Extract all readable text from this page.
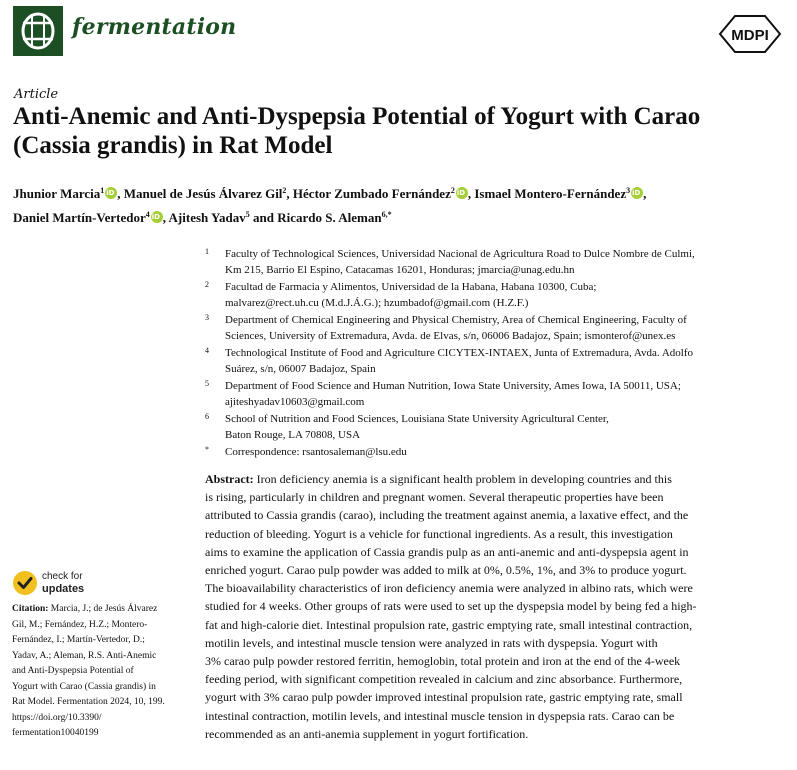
fermentation	MDPI
Article
Anti-Anemic and Anti-Dyspepsia Potential of Yogurt with Carao
(Cassia grandis) in Rat Model
Jhunior Marcia$^1$ iD , Manuel de Jesús Álvarez Gil$^2$, Héctor Zumbado Fernández$^2$ iD , Ismael Montero-Fernández$^3$ iD ,
Daniel Martín-Vertedor$^4$ iD , Ajitesh Yadav$^5$ and Ricardo S. Aleman$^{6,*}$
1 Faculty of Technological Sciences, Universidad Nacional de Agricultura Road to Dulce Nombre de Culmi,
Km 215, Barrio El Espino, Catacamas 16201, Honduras; jmarcia@unag.edu.hn
2 Facultad de Farmacia y Alimentos, Universidad de la Habana, Habana 10300, Cuba;
malvarez@rect.uh.cu (M.d.J.Á.G.); hzumbadof@gmail.com (H.Z.F.)
3 Department of Chemical Engineering and Physical Chemistry, Area of Chemical Engineering, Faculty of
Sciences, University of Extremadura, Avda. de Elvas, s/n, 06006 Badajoz, Spain; ismonterof@unex.es
4 Technological Institute of Food and Agriculture CICYTEX-INTAEX, Junta of Extremadura, Avda. Adolfo
Suárez, s/n, 06007 Badajoz, Spain
5 Department of Food Science and Human Nutrition, Iowa State University, Ames Iowa, IA 50011, USA;
ajiteshyadav10603@gmail.com
6 School of Nutrition and Food Sciences, Louisiana State University Agricultural Center,
Baton Rouge, LA 70808, USA
* Correspondence: rsantosaleman@lsu.edu
Abstract: Iron deficiency anemia is a significant health problem in developing countries and this
is rising, particularly in children and pregnant women. Several therapeutic properties have been
attributed to Cassia grandis (carao), including the treatment against anemia, a laxative effect, and the
reduction of bleeding. Yogurt is a vehicle for functional ingredients. As a result, this investigation
aims to examine the application of Cassia grandis pulp as an anti-anemic and anti-dyspepsia agent in
enriched yogurt. Carao pulp powder was added to milk at 0%, 0.5%, 1%, and 3% to produce yogurt.
The bioavailability characteristics of iron deficiency anemia were analyzed in albino rats, which were
studied for 4 weeks. Other groups of rats were used to set up the dyspepsia model by being fed a high-
fat and high-calorie diet. Intestinal propulsion rate, gastric emptying rate, small intestinal contraction,
motilin levels, and intestinal muscle tension were analyzed in rats with dyspepsia. Yogurt with
3% carao pulp powder restored ferritin, hemoglobin, total protein and iron at the end of the 4-week
feeding period, with significant competition revealed in calcium and zinc absorbance. Furthermore,
yogurt with 3% carao pulp powder improved intestinal propulsion rate, gastric emptying rate, small
intestinal contraction, motilin levels, and intestinal muscle tension in dyspepsia rats. Carao can be
recommended as an anti-anemia supplement in yogurt fortification.
check for
updates
Citation: Marcia, J.; de Jesús Álvarez
Gil, M.; Fernández, H.Z.; Montero-
Fernández, I.; Martín-Vertedor, D.;
Yadav, A.; Aleman, R.S. Anti-Anemic
and Anti-Dyspepsia Potential of
Yogurt with Carao (Cassia grandis) in
Rat Model. Fermentation 2024, 10, 199.
https://doi.org/10.3390/
fermentation10040199
